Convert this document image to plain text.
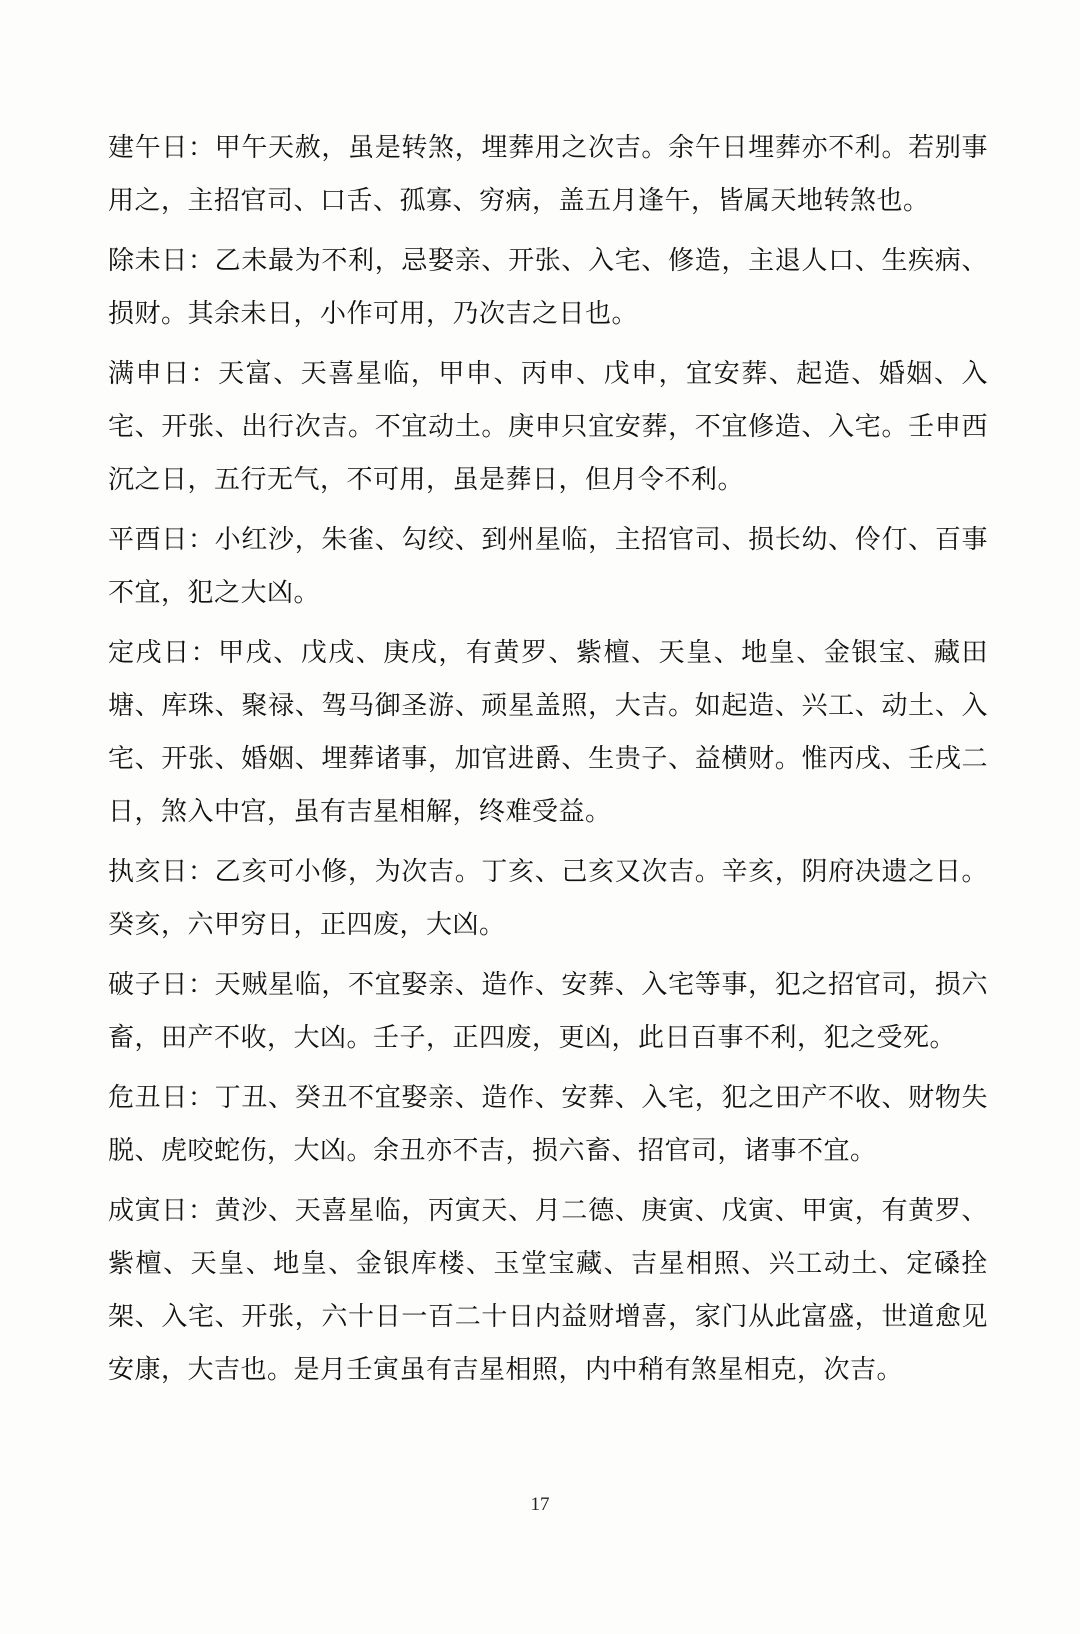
建午日：甲午天赦，虽是转煞，埋葬用之次吉。余午日埋葬亦不利。若别事用之，主招官司、口舌、孤寡、穷病，盖五月逢午，皆属天地转煞也。

除未日：乙未最为不利，忌娶亲、开张、入宅、修造，主退人口、生疾病、损财。其余未日，小作可用，乃次吉之日也。

满申日：天富、天喜星临，甲申、丙申、戊申，宜安葬、起造、婚姻、入宅、开张、出行次吉。不宜动土。庚申只宜安葬，不宜修造、入宅。壬申西沉之日，五行无气，不可用，虽是葬日，但月令不利。

平酉日：小红沙，朱雀、勾绞、到州星临，主招官司、损长幼、伶仃、百事不宜，犯之大凶。

定戌日：甲戌、戊戌、庚戌，有黄罗、紫檀、天皇、地皇、金银宝、藏田塘、库珠、聚禄、驾马御圣游、顽星盖照，大吉。如起造、兴工、动土、入宅、开张、婚姻、埋葬诸事，加官进爵、生贵子、益横财。惟丙戌、壬戌二日，煞入中宫，虽有吉星相解，终难受益。

执亥日：乙亥可小修，为次吉。丁亥、己亥又次吉。辛亥，阴府决遗之日。癸亥，六甲穷日，正四废，大凶。

破子日：天贼星临，不宜娶亲、造作、安葬、入宅等事，犯之招官司，损六畜，田产不收，大凶。壬子，正四废，更凶，此日百事不利，犯之受死。

危丑日：丁丑、癸丑不宜娶亲、造作、安葬、入宅，犯之田产不收、财物失脱、虎咬蛇伤，大凶。余丑亦不吉，损六畜、招官司，诸事不宜。

成寅日：黄沙、天喜星临，丙寅天、月二德、庚寅、戊寅、甲寅，有黄罗、紫檀、天皇、地皇、金银库楼、玉堂宝藏、吉星相照、兴工动土、定磉拴架、入宅、开张，六十日一百二十日内益财增喜，家门从此富盛，世道愈见安康，大吉也。是月壬寅虽有吉星相照，内中稍有煞星相克，次吉。

17
